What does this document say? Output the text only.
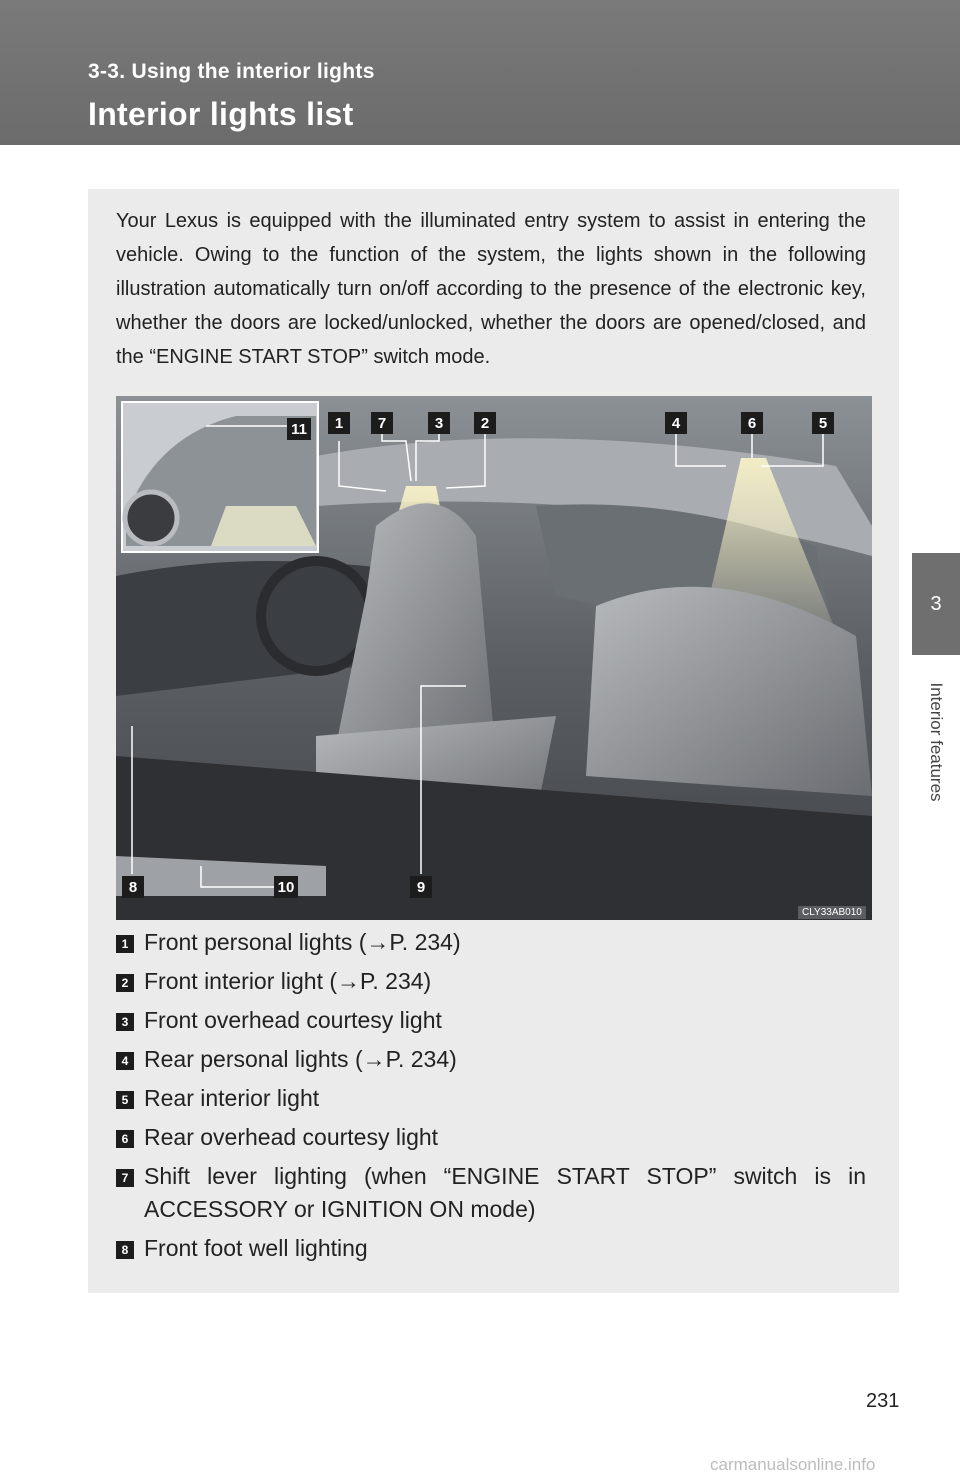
3-3. Using the interior lights
Interior lights list
3
Interior features
Your Lexus is equipped with the illuminated entry system to assist in entering the vehicle. Owing to the function of the system, the lights shown in the following illustration automatically turn on/off according to the presence of the electronic key, whether the doors are locked/unlocked, whether the doors are opened/closed, and the “ENGINE START STOP” switch mode.
1	7	3	2	4	6	5
11
8	10	9
CLY33AB010
1 Front personal lights (→P. 234)
2 Front interior light (→P. 234)
3 Front overhead courtesy light
4 Rear personal lights (→P. 234)
5 Rear interior light
6 Rear overhead courtesy light
7 Shift lever lighting (when “ENGINE START STOP” switch is in ACCESSORY or IGNITION ON mode)
8 Front foot well lighting
231
carmanualsonline.info
